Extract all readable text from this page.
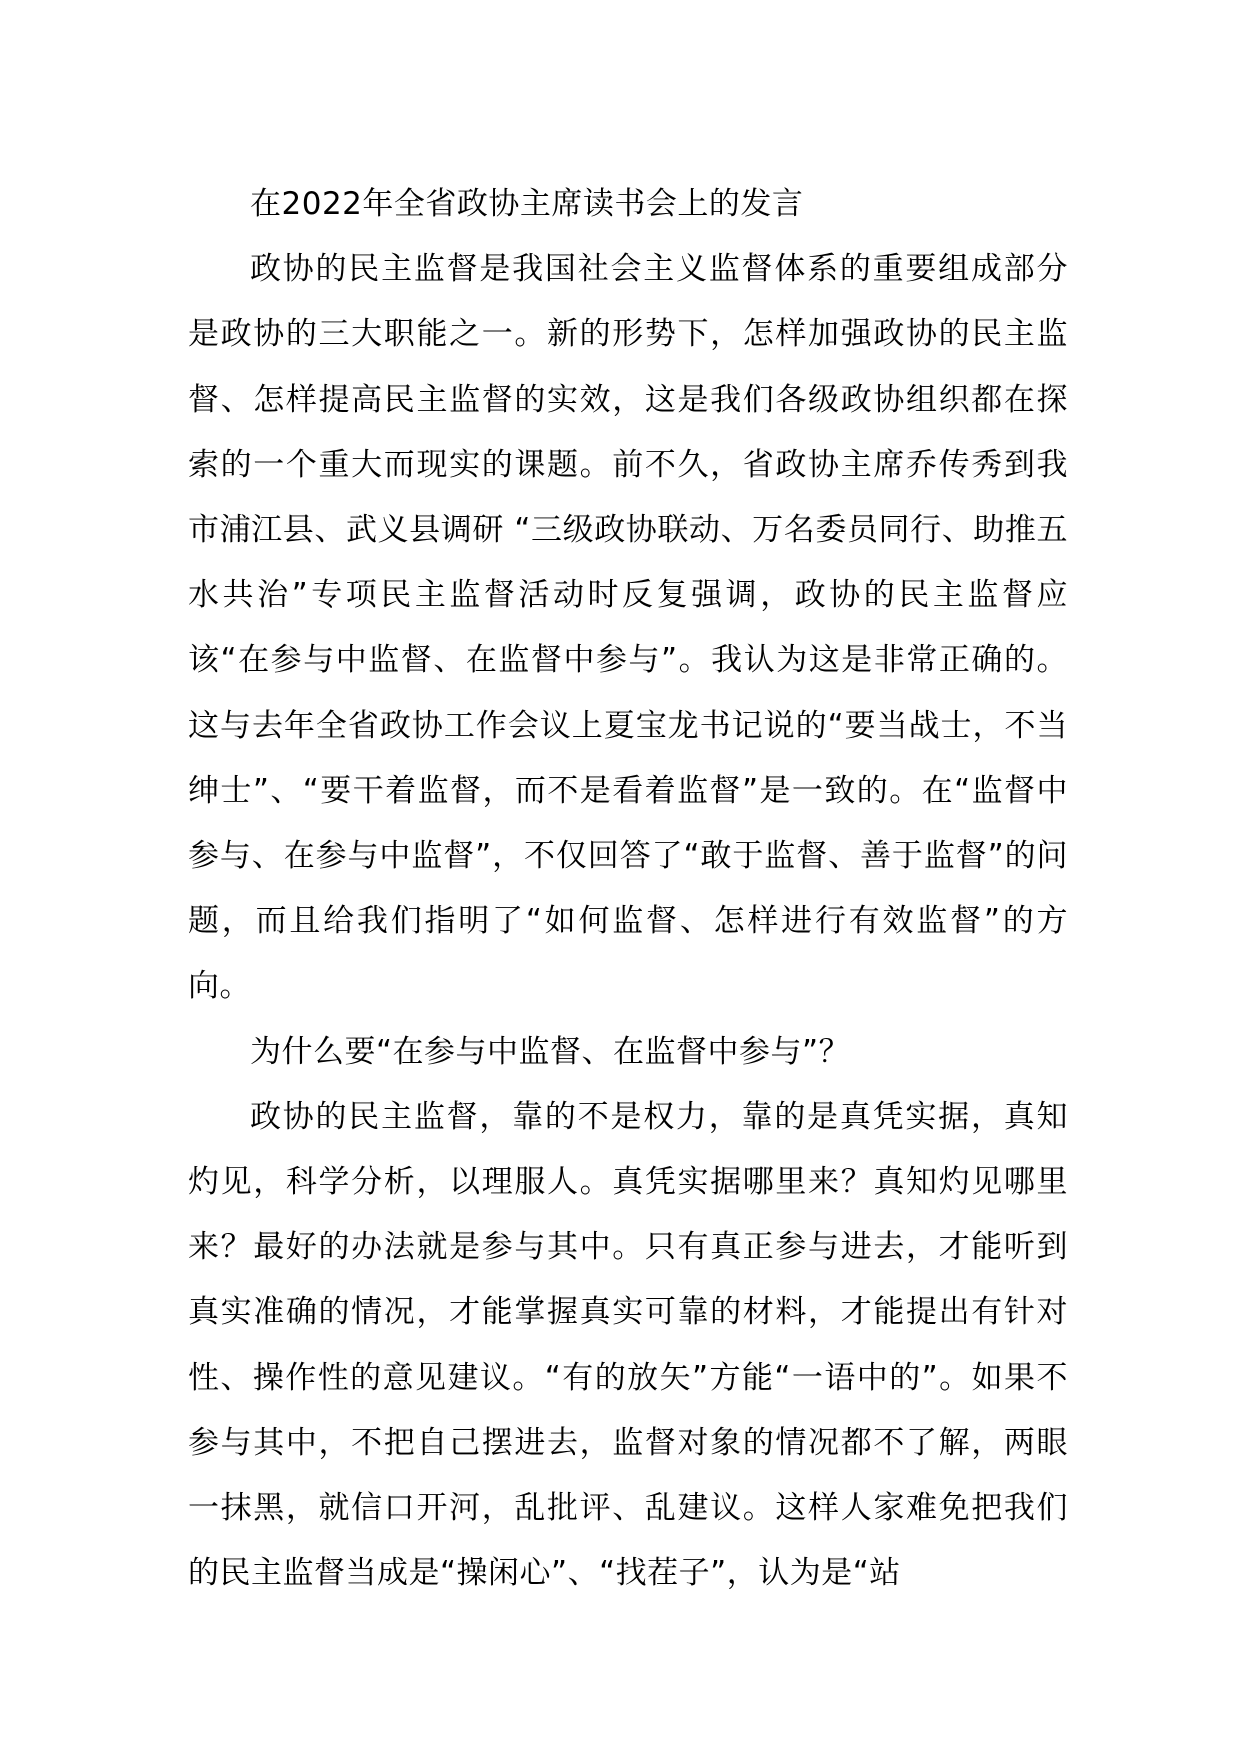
在2022年全省政协主席读书会上的发言

政协的民主监督是我国社会主义监督体系的重要组成部分是政协的三大职能之一。新的形势下，怎样加强政协的民主监督、怎样提高民主监督的实效，这是我们各级政协组织都在探索的一个重大而现实的课题。前不久，省政协主席乔传秀到我市浦江县、武义县调研 “三级政协联动、万名委员同行、助推五水共治”专项民主监督活动时反复强调，政协的民主监督应该“在参与中监督、在监督中参与”。我认为这是非常正确的。这与去年全省政协工作会议上夏宝龙书记说的“要当战士，不当绅士”、“要干着监督，而不是看着监督”是一致的。在“监督中参与、在参与中监督”，不仅回答了“敢于监督、善于监督”的问题，而且给我们指明了“如何监督、怎样进行有效监督”的方向。

为什么要“在参与中监督、在监督中参与”？

政协的民主监督，靠的不是权力，靠的是真凭实据，真知灼见，科学分析，以理服人。真凭实据哪里来？真知灼见哪里来？最好的办法就是参与其中。只有真正参与进去，才能听到真实准确的情况，才能掌握真实可靠的材料，才能提出有针对性、操作性的意见建议。“有的放矢”方能“一语中的”。如果不参与其中，不把自己摆进去，监督对象的情况都不了解，两眼一抹黑，就信口开河，乱批评、乱建议。这样人家难免把我们的民主监督当成是“操闲心”、“找茬子”，认为是“站
